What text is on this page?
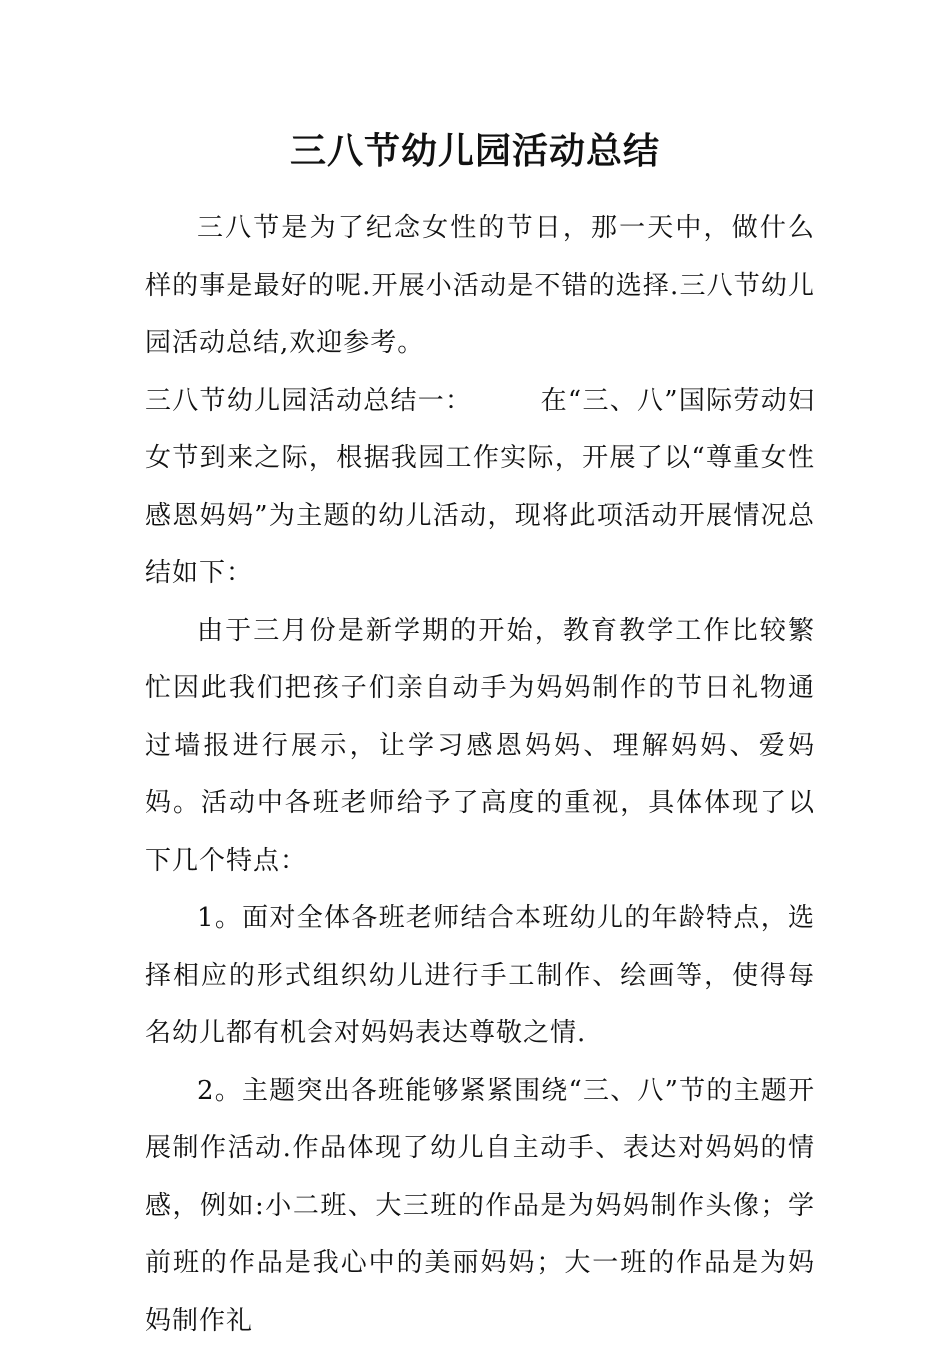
三八节幼儿园活动总结

三八节是为了纪念女性的节日，那一天中，做什么样的事是最好的呢.开展小活动是不错的选择.三八节幼儿园活动总结,欢迎参考。

三八节幼儿园活动总结一：	在“三、八”国际劳动妇女节到来之际，根据我园工作实际，开展了以“尊重女性感恩妈妈”为主题的幼儿活动，现将此项活动开展情况总结如下：

由于三月份是新学期的开始，教育教学工作比较繁忙因此我们把孩子们亲自动手为妈妈制作的节日礼物通过墙报进行展示，让学习感恩妈妈、理解妈妈、爱妈妈。活动中各班老师给予了高度的重视，具体体现了以下几个特点：

1。面对全体各班老师结合本班幼儿的年龄特点，选择相应的形式组织幼儿进行手工制作、绘画等，使得每名幼儿都有机会对妈妈表达尊敬之情.

2。主题突出各班能够紧紧围绕“三、八”节的主题开展制作活动.作品体现了幼儿自主动手、表达对妈妈的情感，例如:小二班、大三班的作品是为妈妈制作头像；学前班的作品是我心中的美丽妈妈；大一班的作品是为妈妈制作礼
